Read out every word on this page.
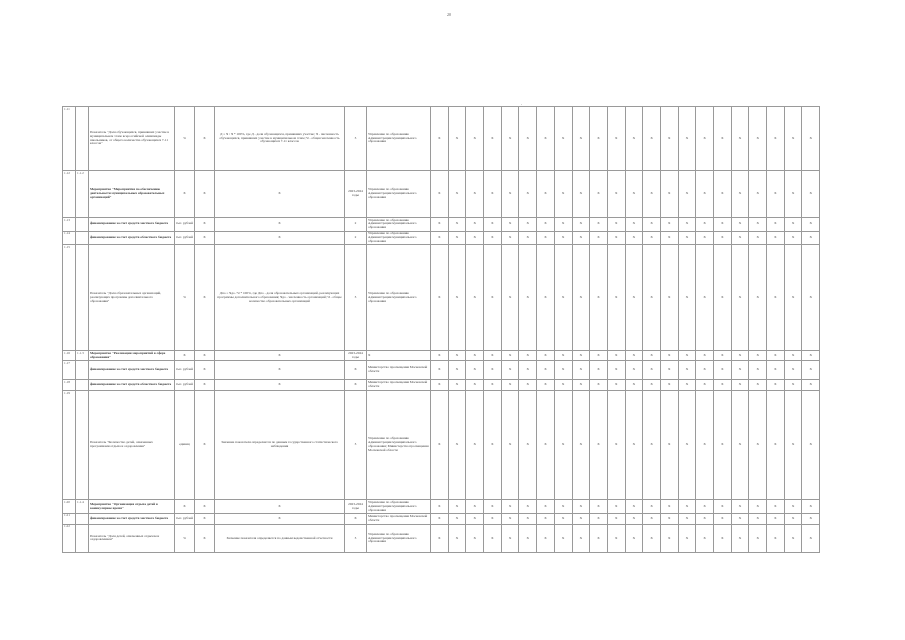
20
'
1.11		Показатель "Доля обучающихся, принявших участие в муниципальном этапе всероссийской олимпиады школьников, от общего количества обучающихся 7-11 классов"	%	Х	Д = Ч / Ч * 100%, где Д - доля обучающихся, принявших участие; Ч - численность обучающихся, принявших участие в муниципальном этапе; Ч - общая численность обучающихся 7-11 классов	3	Управление по образованию Администрации муниципального образования	Х	Х	Х	Х	Х	Х	Х	Х	Х	Х	Х	Х	Х	Х	Х	Х	Х	Х	Х	Х	Х	Х
1.12	1.1.2	Мероприятие "Мероприятия по обеспечению деятельности муниципальных образовательных организаций"	Х	Х	Х	2023-2024 годы	Управление по образованию Администрации муниципального образования	Х	Х	Х	Х	Х	Х	Х	Х	Х	Х	Х	Х	Х	Х	Х	Х	Х	Х	Х	Х	Х	Х
1.13		финансирование за счет средств местного бюджета	тыс. рублей	Х	Х	2	Управление по образованию Администрации муниципального образования	Х	Х	Х	Х	Х	Х	Х	Х	Х	Х	Х	Х	Х	Х	Х	Х	Х	Х	Х	Х	Х	Х
1.14		финансирование за счет средств областного бюджета	тыс. рублей	Х	Х	2	Управление по образованию Администрации муниципального образования	Х	Х	Х	Х	Х	Х	Х	Х	Х	Х	Х	Х	Х	Х	Х	Х	Х	Х	Х	Х	Х	Х
1.15		Показатель "Доля образовательных организаций, реализующих программы дополнительного образования"	%	Х	Дпо = Чдо / Ч * 100%, где Дпо - доля образовательных организаций, реализующих программы дополнительного образования; Чдо - численность организаций; Ч - общее количество образовательных организаций	3	Управление по образованию Администрации муниципального образования	Х	Х	Х	Х	Х	Х	Х	Х	Х	Х	Х	Х	Х	Х	Х	Х	Х	Х	Х	Х	Х	Х
1.16	1.1.3	Мероприятие "Реализация мероприятий в сфере образования"	Х	Х	Х	2023-2024 годы	Х	Х	Х	Х	Х	Х	Х	Х	Х	Х	Х	Х	Х	Х	Х	Х	Х	Х	Х	Х	Х	Х	Х
1.17		финансирование за счет средств местного бюджета	тыс. рублей	Х	Х	Х	Министерство просвещения Московской области	Х	Х	Х	Х	Х	Х	Х	Х	Х	Х	Х	Х	Х	Х	Х	Х	Х	Х	Х	Х	Х	Х
1.18		финансирование за счет средств областного бюджета	тыс. рублей	Х	Х	Х	Министерство просвещения Московской области	Х	Х	Х	Х	Х	Х	Х	Х	Х	Х	Х	Х	Х	Х	Х	Х	Х	Х	Х	Х	Х	Х
1.19		Показатель "Количество детей, охваченных программами отдыха и оздоровления"	единиц	Х	Значение показателя определяется по данным государственного статистического наблюдения	3	Управление по образованию Администрации муниципального образования; Министерство просвещения Московской области	Х	Х	Х	Х	Х	Х	Х	Х	Х	Х	Х	Х	Х	Х	Х	Х	Х	Х	Х	Х	Х	Х
1.20	1.1.4	Мероприятие "Организация отдыха детей в каникулярное время"	Х	Х	Х	2023-2024 годы	Управление по образованию Администрации муниципального образования	Х	Х	Х	Х	Х	Х	Х	Х	Х	Х	Х	Х	Х	Х	Х	Х	Х	Х	Х	Х	Х	Х
1.21		финансирование за счет средств местного бюджета	тыс. рублей	Х	Х	Х	Министерство просвещения Московской области	Х	Х	Х	Х	Х	Х	Х	Х	Х	Х	Х	Х	Х	Х	Х	Х	Х	Х	Х	Х	Х	Х
1.22		Показатель "Доля детей, охваченных отдыхом и оздоровлением"	%	Х	Значение показателя определяется по данным ведомственной отчетности	3	Управление по образованию Администрации муниципального образования	Х	Х	Х	Х	Х	Х	Х	Х	Х	Х	Х	Х	Х	Х	Х	Х	Х	Х	Х	Х	Х	Х
